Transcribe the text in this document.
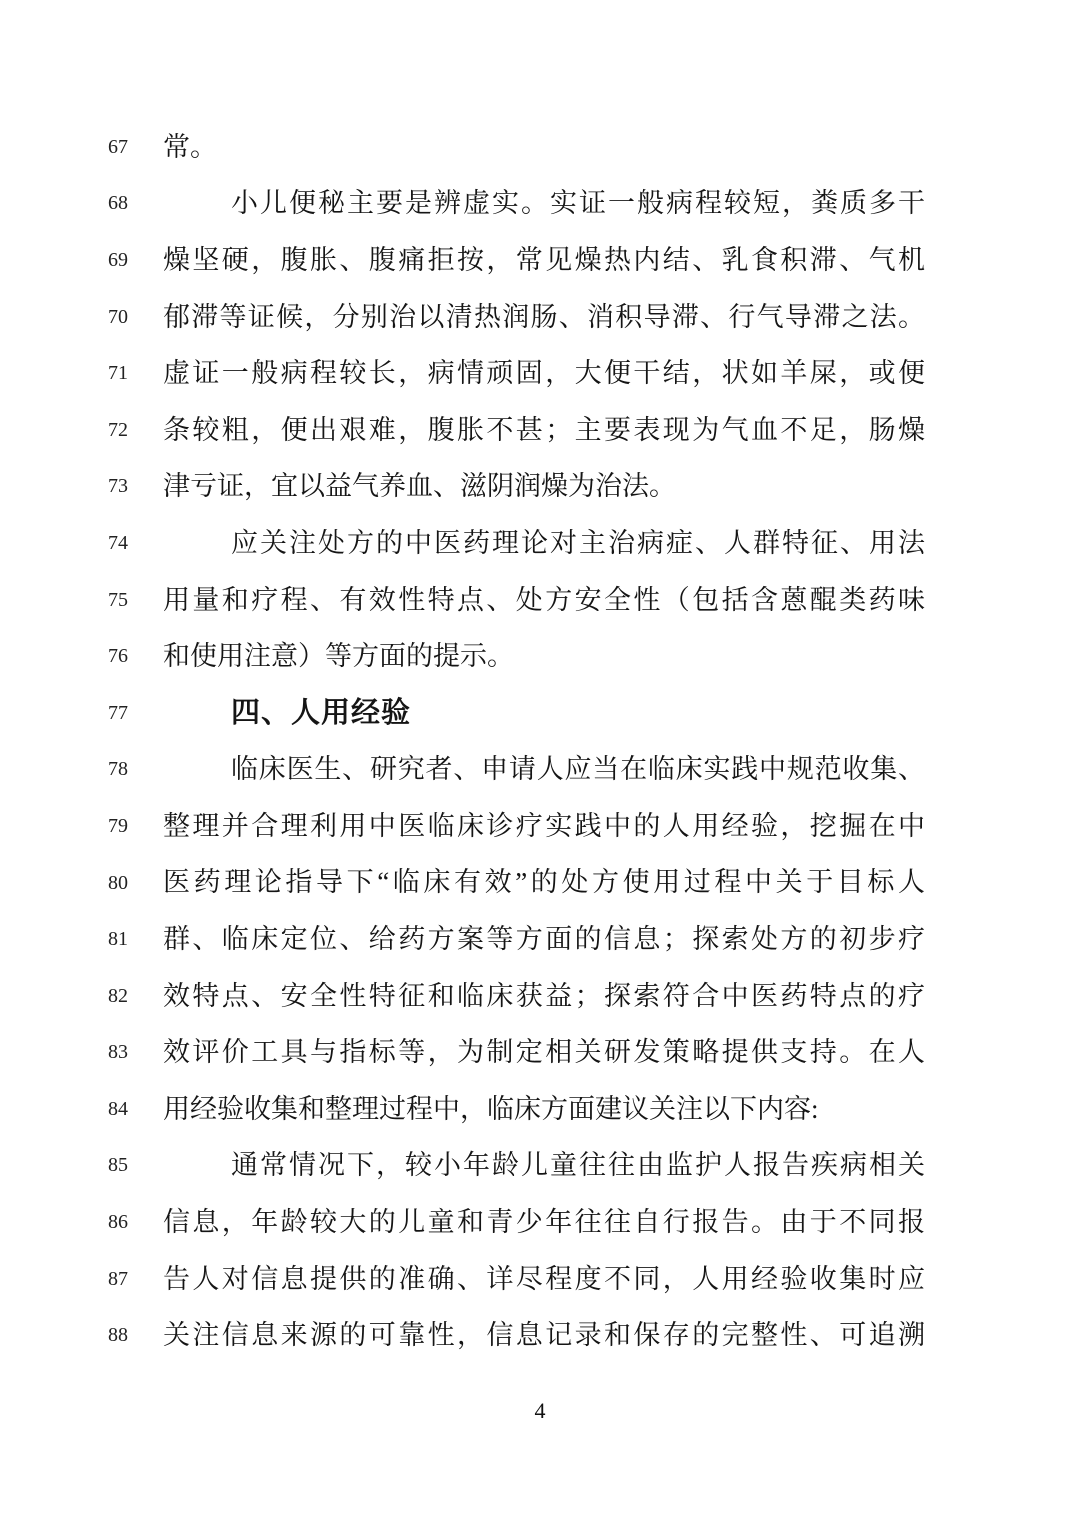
67	常。
68	小儿便秘主要是辨虚实。实证一般病程较短，粪质多干
69	燥坚硬，腹胀、腹痛拒按，常见燥热内结、乳食积滞、气机
70	郁滞等证候，分别治以清热润肠、消积导滞、行气导滞之法。
71	虚证一般病程较长，病情顽固，大便干结，状如羊屎，或便
72	条较粗，便出艰难，腹胀不甚；主要表现为气血不足，肠燥
73	津亏证，宜以益气养血、滋阴润燥为治法。
74	应关注处方的中医药理论对主治病症、人群特征、用法
75	用量和疗程、有效性特点、处方安全性（包括含蒽醌类药味
76	和使用注意）等方面的提示。
77	四、人用经验
78	临床医生、研究者、申请人应当在临床实践中规范收集、
79	整理并合理利用中医临床诊疗实践中的人用经验，挖掘在中
80	医药理论指导下“临床有效”的处方使用过程中关于目标人
81	群、临床定位、给药方案等方面的信息；探索处方的初步疗
82	效特点、安全性特征和临床获益；探索符合中医药特点的疗
83	效评价工具与指标等，为制定相关研发策略提供支持。在人
84	用经验收集和整理过程中，临床方面建议关注以下内容:
85	通常情况下，较小年龄儿童往往由监护人报告疾病相关
86	信息，年龄较大的儿童和青少年往往自行报告。由于不同报
87	告人对信息提供的准确、详尽程度不同，人用经验收集时应
88	关注信息来源的可靠性，信息记录和保存的完整性、可追溯
4
